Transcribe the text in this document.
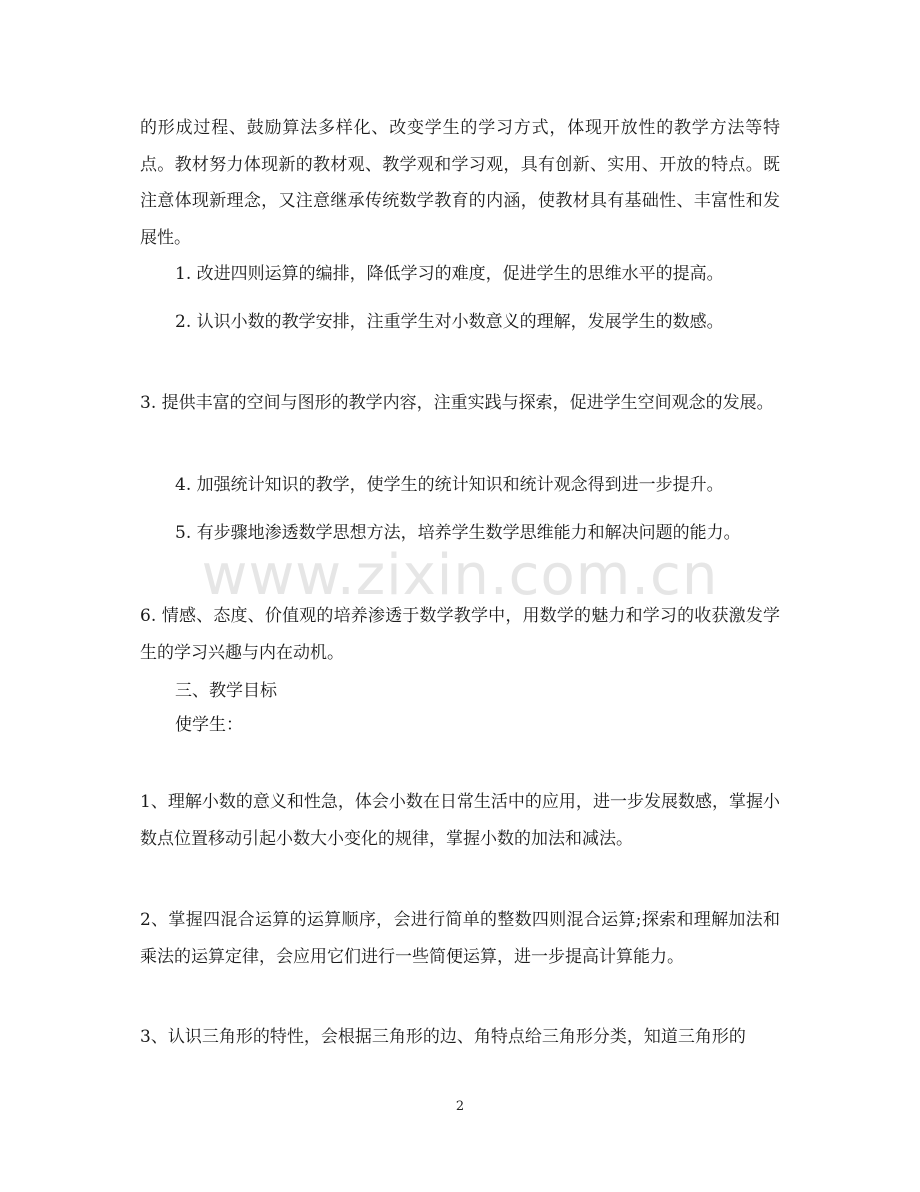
www.zixin.com.cn

的形成过程、鼓励算法多样化、改变学生的学习方式，体现开放性的教学方法等特点。教材努力体现新的教材观、教学观和学习观，具有创新、实用、开放的特点。既注意体现新理念，又注意继承传统数学教育的内涵，使教材具有基础性、丰富性和发展性。

1. 改进四则运算的编排，降低学习的难度，促进学生的思维水平的提高。

2. 认识小数的教学安排，注重学生对小数意义的理解，发展学生的数感。

3. 提供丰富的空间与图形的教学内容，注重实践与探索，促进学生空间观念的发展。

4. 加强统计知识的教学，使学生的统计知识和统计观念得到进一步提升。

5. 有步骤地渗透数学思想方法，培养学生数学思维能力和解决问题的能力。

6. 情感、态度、价值观的培养渗透于数学教学中，用数学的魅力和学习的收获激发学生的学习兴趣与内在动机。

三、教学目标

使学生：

1、理解小数的意义和性急，体会小数在日常生活中的应用，进一步发展数感，掌握小数点位置移动引起小数大小变化的规律，掌握小数的加法和减法。

2、掌握四混合运算的运算顺序，会进行简单的整数四则混合运算;探索和理解加法和乘法的运算定律，会应用它们进行一些简便运算，进一步提高计算能力。

3、认识三角形的特性，会根据三角形的边、角特点给三角形分类，知道三角形的

2
